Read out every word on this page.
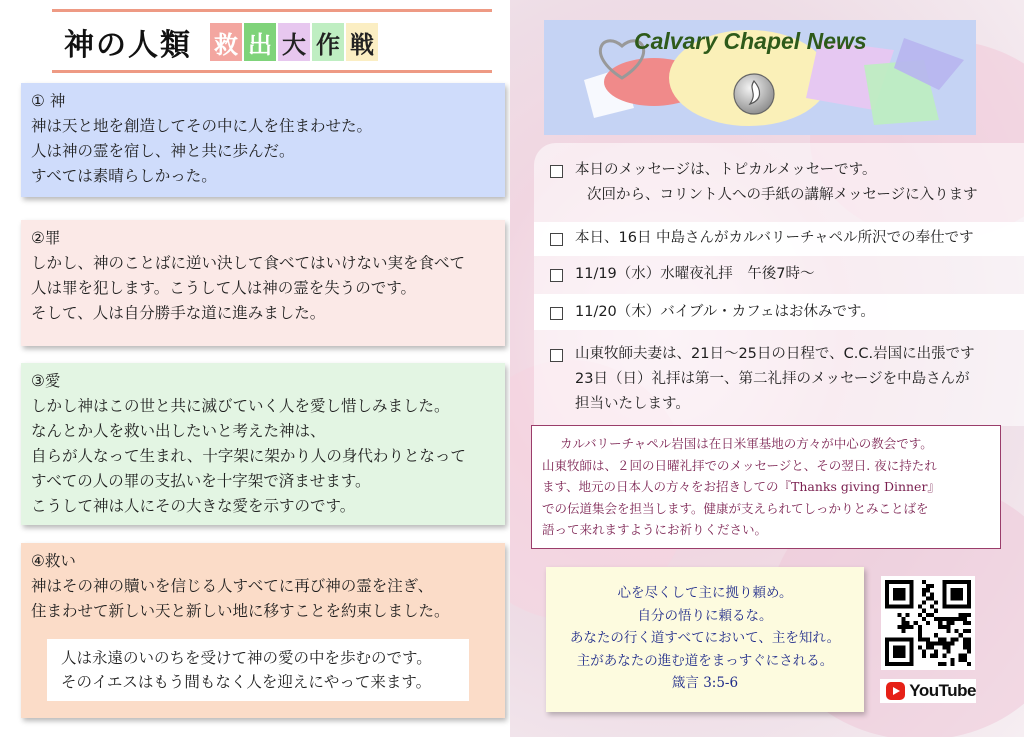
神の人類 救 出 大 作 戦
① 神
神は天と地を創造してその中に人を住まわせた。
人は神の霊を宿し、神と共に歩んだ。
すべては素晴らしかった。
②罪
しかし、神のことばに逆い決して食べてはいけない実を食べて
人は罪を犯します。こうして人は神の霊を失うのです。
そして、人は自分勝手な道に進みました。
③愛
しかし神はこの世と共に滅びていく人を愛し惜しみました。
なんとか人を救い出したいと考えた神は、
自らが人なって生まれ、十字架に架かり人の身代わりとなって
すべての人の罪の支払いを十字架で済ませます。
こうして神は人にその大きな愛を示すのです。
④救い
神はその神の贖いを信じる人すべてに再び神の霊を注ぎ、
住まわせて新しい天と新しい地に移すことを約束しました。
人は永遠のいのちを受けて神の愛の中を歩むのです。
そのイエスはもう間もなく人を迎えにやって来ます。
Calvary Chapel News
本日のメッセージは、トピカルメッセーです。
次回から、コリント人への手紙の講解メッセージに入ります
本日、16日 中島さんがカルバリーチャペル所沢での奉仕です
11/19（水）水曜夜礼拝　午後7時〜
11/20（木）バイブル・カフェはお休みです。
山東牧師夫妻は、21日〜25日の日程で、C.C.岩国に出張です
23日（日）礼拝は第一、第二礼拝のメッセージを中島さんが
担当いたします。
カルバリーチャペル岩国は在日米軍基地の方々が中心の教会です。
山東牧師は、２回の日曜礼拝でのメッセージと、その翌日. 夜に持たれ
ます、地元の日本人の方々をお招きしての『Thanks giving Dinner』
での伝道集会を担当します。健康が支えられてしっかりとみことばを
語って来れますようにお祈りください。
心を尽くして主に拠り頼め。
自分の悟りに頼るな。
あなたの行く道すべてにおいて、主を知れ。
主があなたの進む道をまっすぐにされる。
箴言 3:5-6	YouTube
